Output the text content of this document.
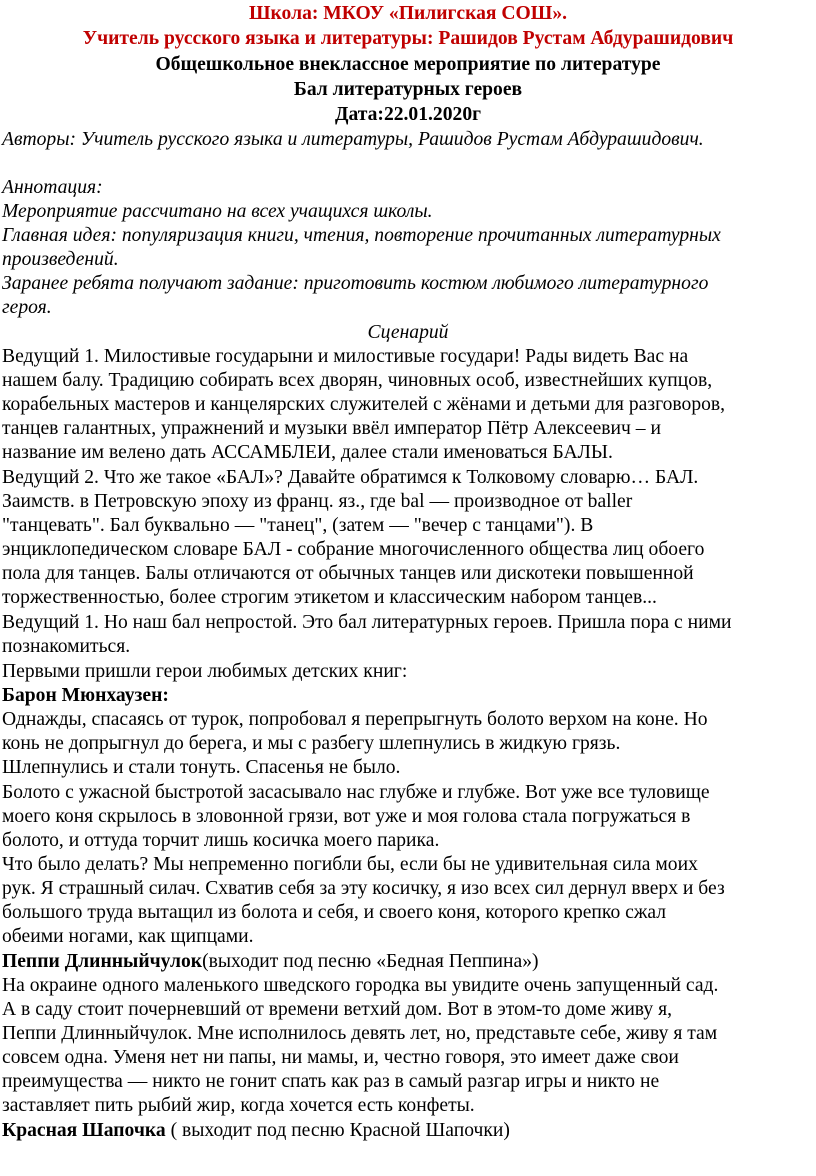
Школа: МКОУ «Пилигская СОШ».
Учитель русского языка и литературы: Рашидов Рустам Абдурашидович
Общешкольное внеклассное мероприятие по литературе
Бал литературных героев
Дата:22.01.2020г
Авторы: Учитель русского языка и литературы, Рашидов Рустам Абдурашидович.
Аннотация:
Мероприятие рассчитано на всех учащихся школы.
Главная идея: популяризация книги, чтения, повторение прочитанных литературных
произведений.
Заранее ребята получают задание: приготовить костюм любимого литературного
героя.
Сценарий
Ведущий 1. Милостивые государыни и милостивые государи! Рады видеть Вас на
нашем балу. Традицию собирать всех дворян, чиновных особ, известнейших купцов,
корабельных мастеров и канцелярских служителей с жёнами и детьми для разговоров,
танцев галантных, упражнений и музыки ввёл император Пётр Алексеевич – и
название им велено дать АССАМБЛЕИ, далее стали именоваться БАЛЫ.
Ведущий 2. Что же такое «БАЛ»? Давайте обратимся к Толковому словарю… БАЛ.
Заимств. в Петровскую эпоху из франц. яз., где bal — производное от baller
"танцевать". Бал буквально — "танец", (затем — "вечер с танцами"). В
энциклопедическом словаре БАЛ - собрание многочисленного общества лиц обоего
пола для танцев. Балы отличаются от обычных танцев или дискотеки повышенной
торжественностью, более строгим этикетом и классическим набором танцев...
Ведущий 1. Но наш бал непростой. Это бал литературных героев. Пришла пора с ними
познакомиться.
Первыми пришли герои любимых детских книг:
Барон Мюнхаузен:
Однажды, спасаясь от турок, попробовал я перепрыгнуть болото верхом на коне. Но
конь не допрыгнул до берега, и мы с разбегу шлепнулись в жидкую грязь.
Шлепнулись и стали тонуть. Спасенья не было.
Болото с ужасной быстротой засасывало нас глубже и глубже. Вот уже все туловище
моего коня скрылось в зловонной грязи, вот уже и моя голова стала погружаться в
болото, и оттуда торчит лишь косичка моего парика.
Что было делать? Мы непременно погибли бы, если бы не удивительная сила моих
рук. Я страшный силач. Схватив себя за эту косичку, я изо всех сил дернул вверх и без
большого труда вытащил из болота и себя, и своего коня, которого крепко сжал
обеими ногами, как щипцами.
Пеппи Длинныйчулок(выходит под песню «Бедная Пеппина»)
На окраине одного маленького шведского городка вы увидите очень запущенный сад.
А в саду стоит почерневший от времени ветхий дом. Вот в этом-то доме живу я,
Пеппи Длинныйчулок. Мне исполнилось девять лет, но, представьте себе, живу я там
совсем одна. Уменя нет ни папы, ни мамы, и, честно говоря, это имеет даже свои
преимущества — никто не гонит спать как раз в самый разгар игры и никто не
заставляет пить рыбий жир, когда хочется есть конфеты.
Красная Шапочка ( выходит под песню Красной Шапочки)
